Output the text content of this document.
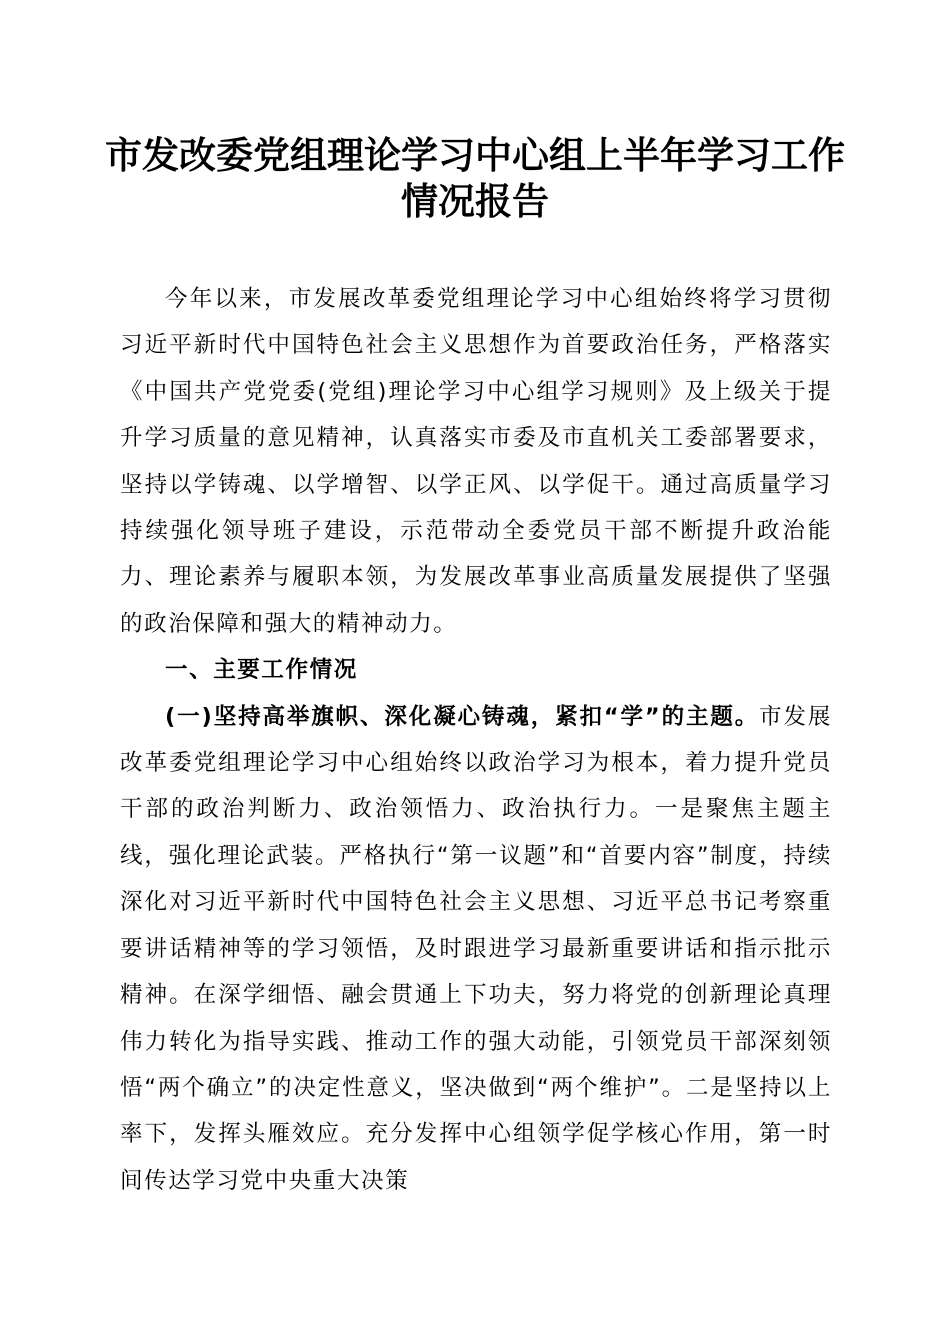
市发改委党组理论学习中心组上半年学习工作
情况报告

今年以来，市发展改革委党组理论学习中心组始终将学习贯彻习近平新时代中国特色社会主义思想作为首要政治任务，严格落实《中国共产党党委(党组)理论学习中心组学习规则》及上级关于提升学习质量的意见精神，认真落实市委及市直机关工委部署要求，坚持以学铸魂、以学增智、以学正风、以学促干。通过高质量学习持续强化领导班子建设，示范带动全委党员干部不断提升政治能力、理论素养与履职本领，为发展改革事业高质量发展提供了坚强的政治保障和强大的精神动力。

一、主要工作情况

(一)坚持高举旗帜、深化凝心铸魂，紧扣“学”的主题。市发展改革委党组理论学习中心组始终以政治学习为根本，着力提升党员干部的政治判断力、政治领悟力、政治执行力。一是聚焦主题主线，强化理论武装。严格执行“第一议题”和“首要内容”制度，持续深化对习近平新时代中国特色社会主义思想、习近平总书记考察重要讲话精神等的学习领悟，及时跟进学习最新重要讲话和指示批示精神。在深学细悟、融会贯通上下功夫，努力将党的创新理论真理伟力转化为指导实践、推动工作的强大动能，引领党员干部深刻领悟“两个确立”的决定性意义，坚决做到“两个维护”。二是坚持以上率下，发挥头雁效应。充分发挥中心组领学促学核心作用，第一时间传达学习党中央重大决策
